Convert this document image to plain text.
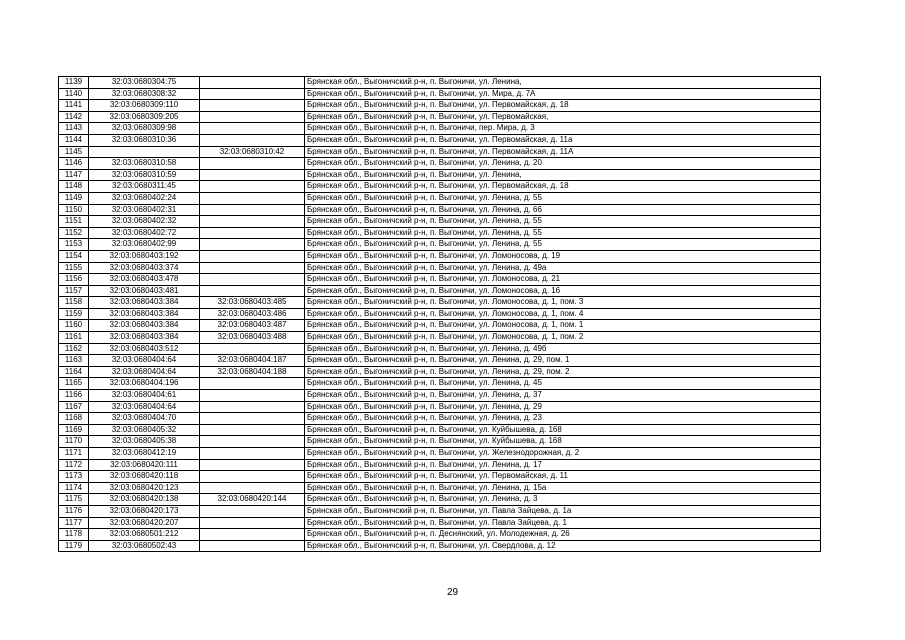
1139	32:03:0680304:75		Брянская обл., Выгоничский р-н, п. Выгоничи, ул. Ленина,
1140	32:03:0680308:32		Брянская обл., Выгоничский р-н, п. Выгоничи, ул. Мира, д. 7А
1141	32:03:0680309:110		Брянская обл., Выгоничский р-н, п. Выгоничи, ул. Первомайская, д. 18
1142	32:03:0680309:205		Брянская обл., Выгоничский р-н, п. Выгоничи, ул. Первомайская,
1143	32:03:0680309:98		Брянская обл., Выгоничский р-н, п. Выгоничи, пер. Мира, д. 3
1144	32:03:0680310:36		Брянская обл., Выгоничский р-н, п. Выгоничи, ул. Первомайская, д. 11а
1145		32:03:0680310:42	Брянская обл., Выгоничский р-н, п. Выгоничи, ул. Первомайская, д. 11А
1146	32:03:0680310:58		Брянская обл., Выгоничский р-н, п. Выгоничи, ул. Ленина, д. 20
1147	32:03:0680310:59		Брянская обл., Выгоничский р-н, п. Выгоничи, ул. Ленина,
1148	32:03:0680311:45		Брянская обл., Выгоничский р-н, п. Выгоничи, ул. Первомайская, д. 18
1149	32:03:0680402:24		Брянская обл., Выгоничский р-н, п. Выгоничи, ул. Ленина, д. 55
1150	32:03:0680402:31		Брянская обл., Выгоничский р-н, п. Выгоничи, ул. Ленина, д. 66
1151	32:03:0680402:32		Брянская обл., Выгоничский р-н, п. Выгоничи, ул. Ленина, д. 55
1152	32:03:0680402:72		Брянская обл., Выгоничский р-н, п. Выгоничи, ул. Ленина, д. 55
1153	32:03:0680402:99		Брянская обл., Выгоничский р-н, п. Выгоничи, ул. Ленина, д. 55
1154	32:03:0680403:192		Брянская обл., Выгоничский р-н, п. Выгоничи, ул. Ломоносова, д. 19
1155	32:03:0680403:374		Брянская обл., Выгоничский р-н, п. Выгоничи, ул. Ленина, д. 49а
1156	32:03:0680403:478		Брянская обл., Выгоничский р-н, п. Выгоничи, ул. Ломоносова, д. 21
1157	32:03:0680403:481		Брянская обл., Выгоничский р-н, п. Выгоничи, ул. Ломоносова, д. 16
1158	32:03:0680403:384	32:03:0680403:485	Брянская обл., Выгоничский р-н, п. Выгоничи, ул. Ломоносова, д. 1, пом. 3
1159	32:03:0680403:384	32:03:0680403:486	Брянская обл., Выгоничский р-н, п. Выгоничи, ул. Ломоносова, д. 1, пом. 4
1160	32:03:0680403:384	32:03:0680403:487	Брянская обл., Выгоничский р-н, п. Выгоничи, ул. Ломоносова, д. 1, пом. 1
1161	32:03:0680403:384	32:03:0680403:488	Брянская обл., Выгоничский р-н, п. Выгоничи, ул. Ломоносова, д. 1, пом. 2
1162	32:03:0680403:512		Брянская обл., Выгоничский р-н, п. Выгоничи, ул. Ленина, д. 49б
1163	32:03:0680404:64	32:03:0680404:187	Брянская обл., Выгоничский р-н, п. Выгоничи, ул. Ленина, д. 29, пом. 1
1164	32:03:0680404:64	32:03:0680404:188	Брянская обл., Выгоничский р-н, п. Выгоничи, ул. Ленина, д. 29, пом. 2
1165	32:03:0680404:196		Брянская обл., Выгоничский р-н, п. Выгоничи, ул. Ленина, д. 45
1166	32:03:0680404:61		Брянская обл., Выгоничский р-н, п. Выгоничи, ул. Ленина, д. 37
1167	32:03:0680404:64		Брянская обл., Выгоничский р-н, п. Выгоничи, ул. Ленина, д. 29
1168	32:03:0680404:70		Брянская обл., Выгоничский р-н, п. Выгоничи, ул. Ленина, д. 23
1169	32:03:0680405:32		Брянская обл., Выгоничский р-н, п. Выгоничи, ул. Куйбышева, д. 168
1170	32:03:0680405:38		Брянская обл., Выгоничский р-н, п. Выгоничи, ул. Куйбышева, д. 168
1171	32:03:0680412:19		Брянская обл., Выгоничский р-н, п. Выгоничи, ул. Железнодорожная, д. 2
1172	32:03:0680420:111		Брянская обл., Выгоничский р-н, п. Выгоничи, ул. Ленина, д. 17
1173	32:03:0680420:118		Брянская обл., Выгоничский р-н, п. Выгоничи, ул. Первомайская, д. 11
1174	32:03:0680420:123		Брянская обл., Выгоничский р-н, п. Выгоничи, ул. Ленина, д. 15а
1175	32:03:0680420:138	32:03:0680420:144	Брянская обл., Выгоничский р-н, п. Выгоничи, ул. Ленина, д. 3
1176	32:03:0680420:173		Брянская обл., Выгоничский р-н, п. Выгоничи, ул. Павла Зайцева, д. 1а
1177	32:03:0680420:207		Брянская обл., Выгоничский р-н, п. Выгоничи, ул. Павла Зайцева, д. 1
1178	32:03:0680501:212		Брянская обл., Выгоничский р-н, п. Деснянский, ул. Молодежная, д. 26
1179	32:03:0680502:43		Брянская обл., Выгоничский р-н, п. Выгоничи, ул. Свердлова, д. 12
29
